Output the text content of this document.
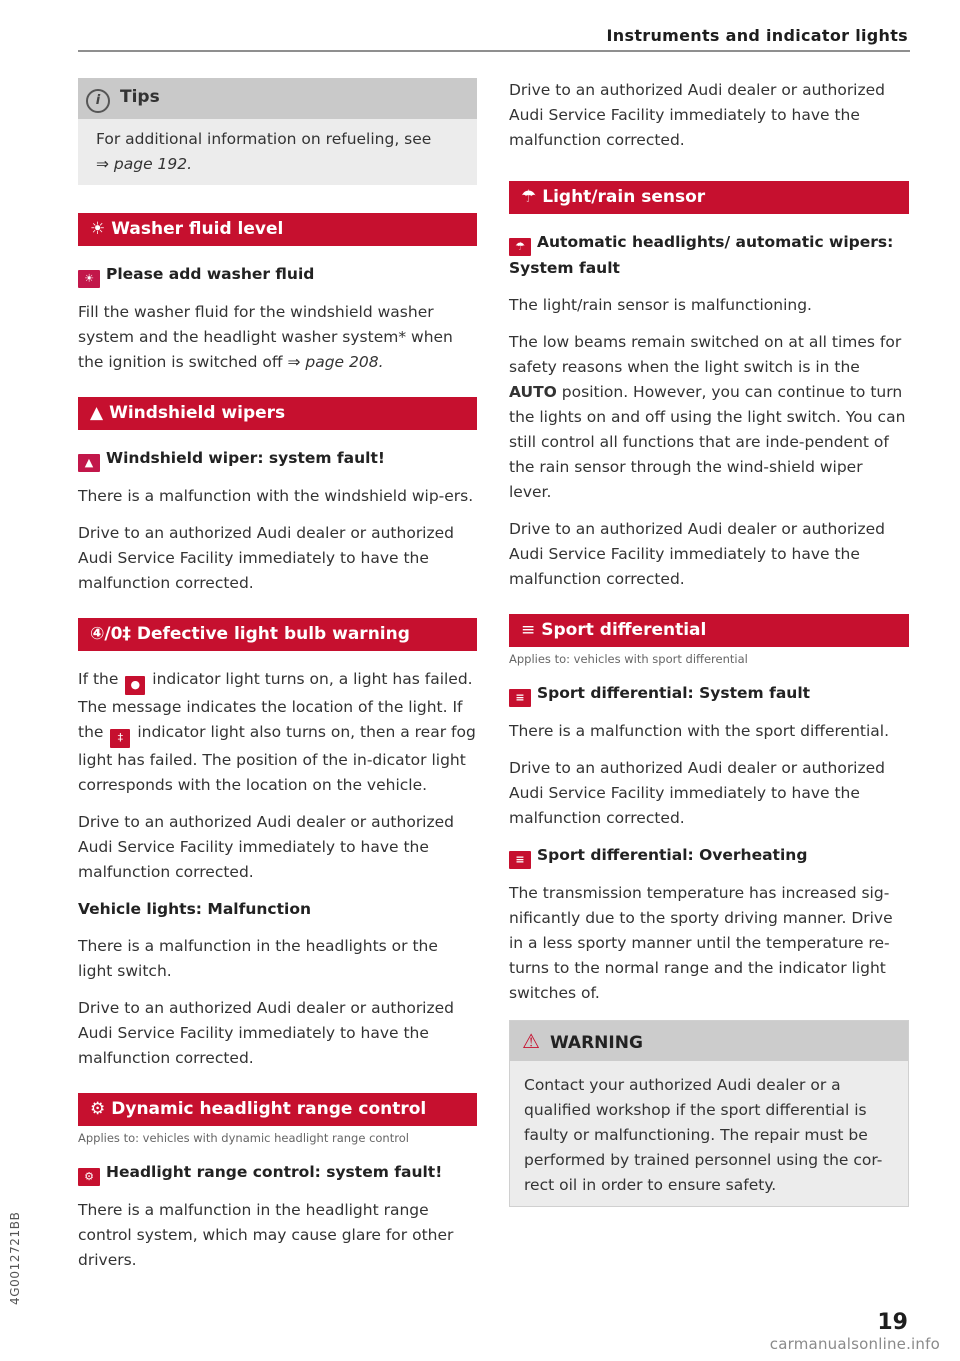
Instruments and indicator lights
i Tips
For additional information on refueling, see
⇒ page 192.
☀ Washer fluid level
☀ Please add washer fluid

Fill the washer fluid for the windshield washer system and the headlight washer system* when the ignition is switched off ⇒ page 208.

▲ Windshield wipers
▲ Windshield wiper: system fault!

There is a malfunction with the windshield wip-ers.

Drive to an authorized Audi dealer or authorized Audi Service Facility immediately to have the malfunction corrected.

④/0‡ Defective light bulb warning

If the ● indicator light turns on, a light has failed. The message indicates the location of the light. If the ‡ indicator light also turns on, then a rear fog light has failed. The position of the in-dicator light corresponds with the location on the vehicle.

Drive to an authorized Audi dealer or authorized Audi Service Facility immediately to have the malfunction corrected.

Vehicle lights: Malfunction

There is a malfunction in the headlights or the light switch.

Drive to an authorized Audi dealer or authorized Audi Service Facility immediately to have the malfunction corrected.

⚙ Dynamic headlight range control
Applies to: vehicles with dynamic headlight range control
⚙ Headlight range control: system fault!

There is a malfunction in the headlight range control system, which may cause glare for other drivers.

Drive to an authorized Audi dealer or authorized Audi Service Facility immediately to have the malfunction corrected.

☂ Light/rain sensor
☂ Automatic headlights/ automatic wipers: System fault

The light/rain sensor is malfunctioning.

The low beams remain switched on at all times for safety reasons when the light switch is in the AUTO position. However, you can continue to turn the lights on and off using the light switch. You can still control all functions that are inde-pendent of the rain sensor through the wind-shield wiper lever.

Drive to an authorized Audi dealer or authorized Audi Service Facility immediately to have the malfunction corrected.

≡ Sport differential
Applies to: vehicles with sport differential
≡ Sport differential: System fault

There is a malfunction with the sport differential.

Drive to an authorized Audi dealer or authorized Audi Service Facility immediately to have the malfunction corrected.

≡ Sport differential: Overheating

The transmission temperature has increased sig-nificantly due to the sporty driving manner. Drive in a less sporty manner until the temperature re-turns to the normal range and the indicator light switches of.

⚠ WARNING
Contact your authorized Audi dealer or a qualified workshop if the sport differential is faulty or malfunctioning. The repair must be performed by trained personnel using the cor-rect oil in order to ensure safety.
4G0012721BB
19
carmanualsonline.info
